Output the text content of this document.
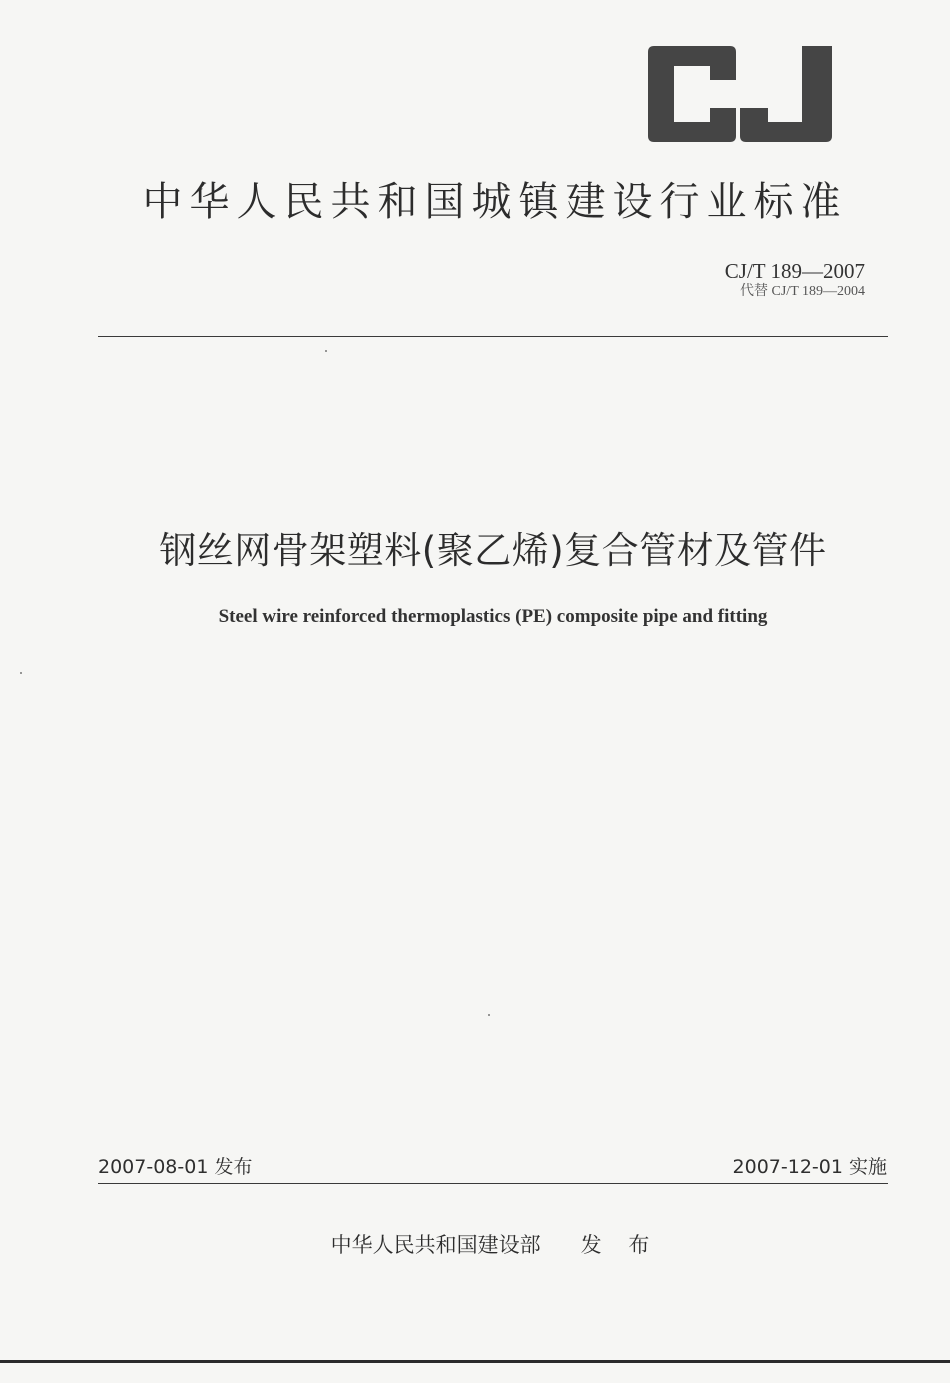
中华人民共和国城镇建设行业标准
CJ/T 189—2007
代替 CJ/T 189—2004
钢丝网骨架塑料(聚乙烯)复合管材及管件
Steel wire reinforced thermoplastics (PE) composite pipe and fitting
2007-08-01 发布	2007-12-01 实施
中华人民共和国建设部 发 布
